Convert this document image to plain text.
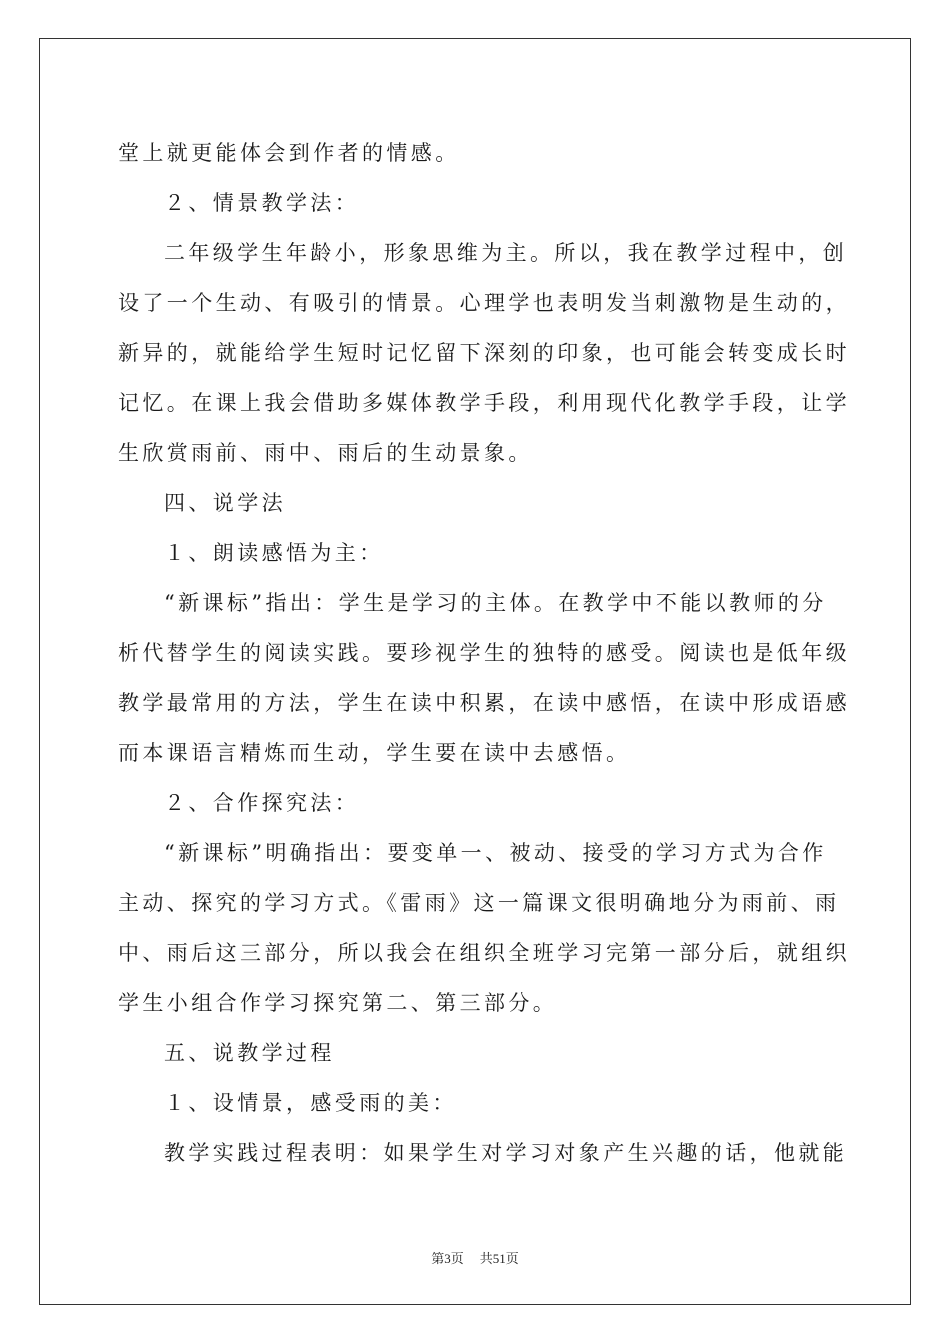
堂上就更能体会到作者的情感。
２、情景教学法：
二年级学生年龄小，形象思维为主。所以，我在教学过程中，创
设了一个生动、有吸引的情景。心理学也表明发当刺激物是生动的，
新异的，就能给学生短时记忆留下深刻的印象，也可能会转变成长时
记忆。在课上我会借助多媒体教学手段，利用现代化教学手段，让学
生欣赏雨前、雨中、雨后的生动景象。
四、说学法
１、朗读感悟为主：
“新课标”指出：学生是学习的主体。在教学中不能以教师的分
析代替学生的阅读实践。要珍视学生的独特的感受。阅读也是低年级
教学最常用的方法，学生在读中积累，在读中感悟，在读中形成语感
而本课语言精炼而生动，学生要在读中去感悟。
２、合作探究法：
“新课标”明确指出：要变单一、被动、接受的学习方式为合作
主动、探究的学习方式。《雷雨》这一篇课文很明确地分为雨前、雨
中、雨后这三部分，所以我会在组织全班学习完第一部分后，就组织
学生小组合作学习探究第二、第三部分。
五、说教学过程
１、设情景，感受雨的美：
教学实践过程表明：如果学生对学习对象产生兴趣的话，他就能
第3页 共51页
